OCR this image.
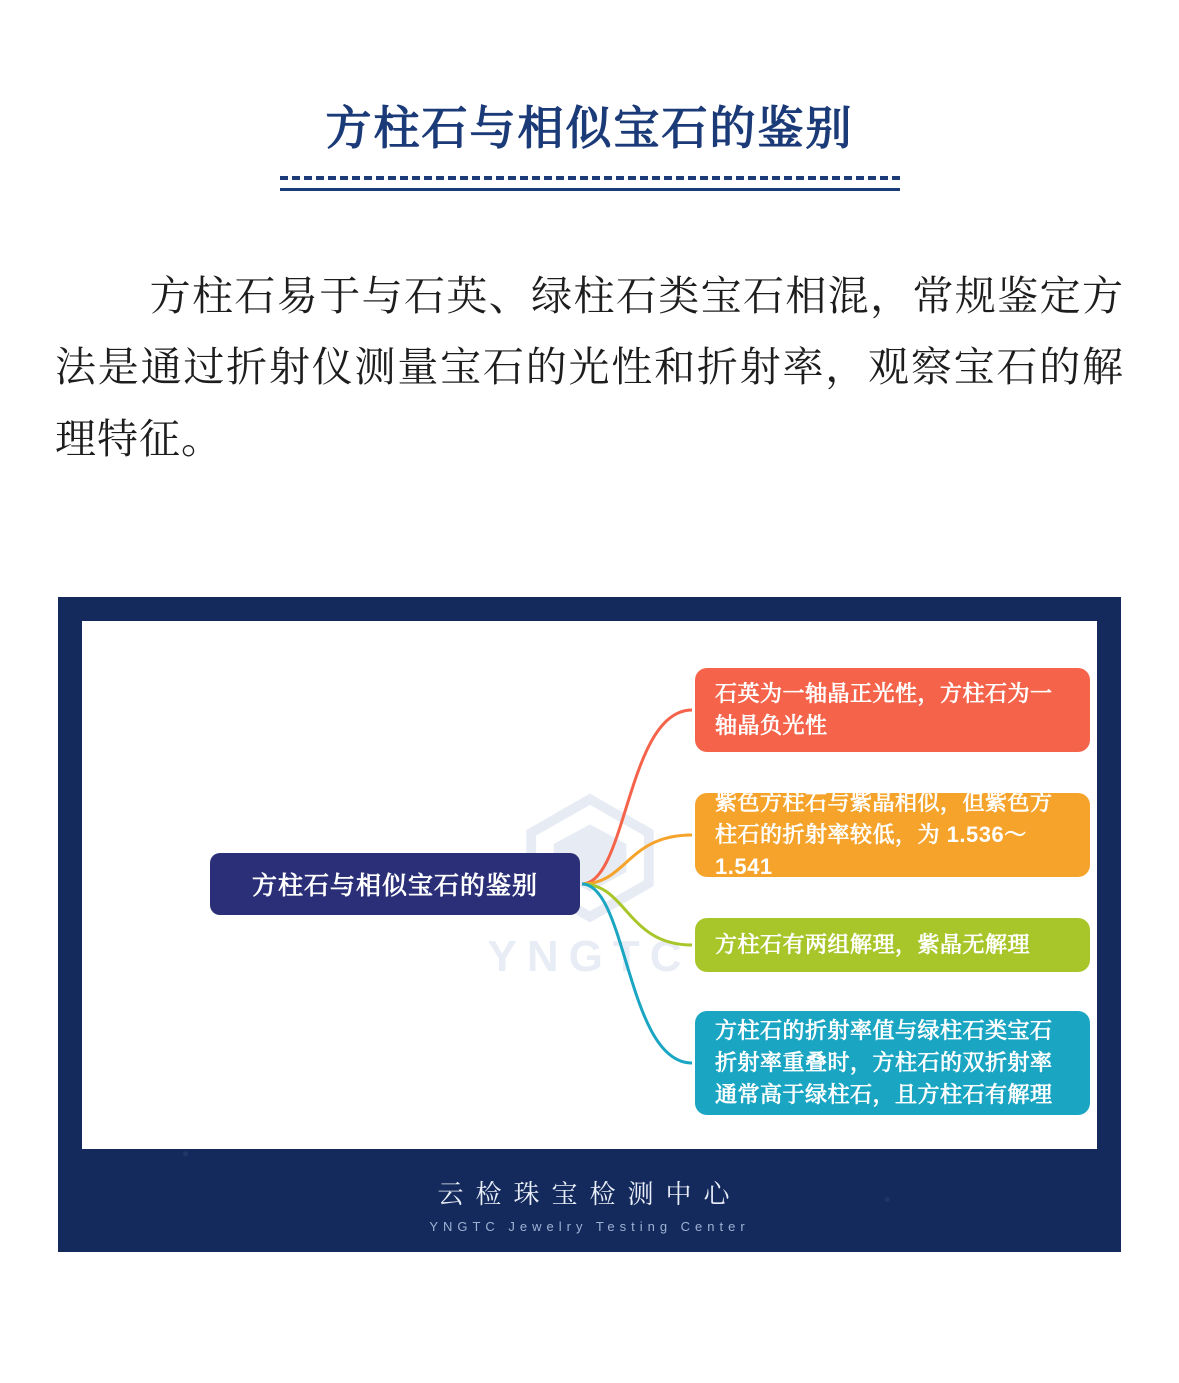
方柱石与相似宝石的鉴别
方柱石易于与石英、绿柱石类宝石相混，常规鉴定方法是通过折射仪测量宝石的光性和折射率，观察宝石的解理特征。
YNGTC
方柱石与相似宝石的鉴别
石英为一轴晶正光性，方柱石为一轴晶负光性
紫色方柱石与紫晶相似，但紫色方柱石的折射率较低，为 1.536～1.541
方柱石有两组解理，紫晶无解理
方柱石的折射率值与绿柱石类宝石折射率重叠时，方柱石的双折射率通常高于绿柱石，且方柱石有解理
云检珠宝检测中心
YNGTC Jewelry Testing Center
